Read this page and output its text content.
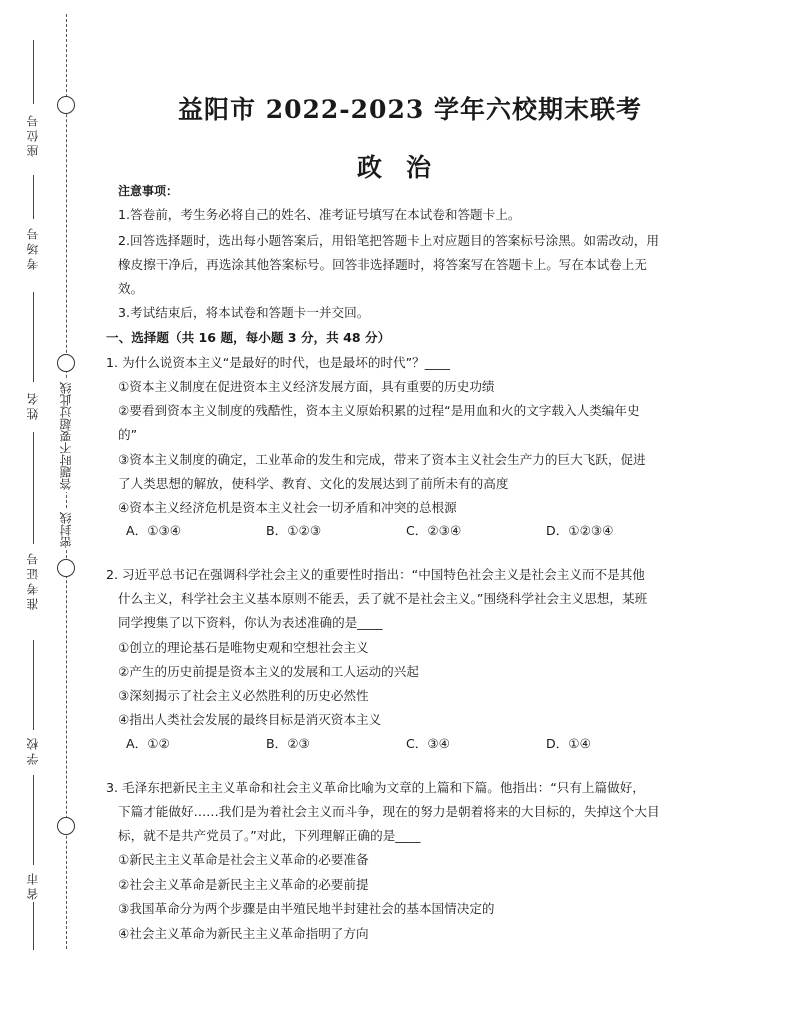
座位号
考场号
姓名
准考证号
学校
省市
密封线
答题时不要超过此线
益阳市 2022-2023 学年六校期末联考
政治
注意事项：
1.答卷前，考生务必将自己的姓名、准考证号填写在本试卷和答题卡上。
2.回答选择题时，选出每小题答案后，用铅笔把答题卡上对应题目的答案标号涂黑。如需改动，用
橡皮擦干净后，再选涂其他答案标号。回答非选择题时，将答案写在答题卡上。写在本试卷上无
效。
3.考试结束后，将本试卷和答题卡一并交回。
一、选择题（共 16 题，每小题 3 分，共 48 分）
1. 为什么说资本主义“是最好的时代，也是最坏的时代”？____
①资本主义制度在促进资本主义经济发展方面，具有重要的历史功绩
②要看到资本主义制度的残酷性，资本主义原始积累的过程“是用血和火的文字载入人类编年史
的”
③资本主义制度的确定，工业革命的发生和完成，带来了资本主义社会生产力的巨大飞跃，促进
了人类思想的解放，使科学、教育、文化的发展达到了前所未有的高度
④资本主义经济危机是资本主义社会一切矛盾和冲突的总根源
A．①③④	B．①②③	C．②③④	D．①②③④
2. 习近平总书记在强调科学社会主义的重要性时指出：“中国特色社会主义是社会主义而不是其他
什么主义，科学社会主义基本原则不能丢，丢了就不是社会主义。”围绕科学社会主义思想，某班
同学搜集了以下资料，你认为表述准确的是____
①创立的理论基石是唯物史观和空想社会主义
②产生的历史前提是资本主义的发展和工人运动的兴起
③深刻揭示了社会主义必然胜利的历史必然性
④指出人类社会发展的最终目标是消灭资本主义
A．①②	B．②③	C．③④	D．①④
3. 毛泽东把新民主主义革命和社会主义革命比喻为文章的上篇和下篇。他指出：“只有上篇做好，
下篇才能做好……我们是为着社会主义而斗争，现在的努力是朝着将来的大目标的，失掉这个大目
标，就不是共产党员了。”对此，下列理解正确的是____
①新民主主义革命是社会主义革命的必要准备
②社会主义革命是新民主主义革命的必要前提
③我国革命分为两个步骤是由半殖民地半封建社会的基本国情决定的
④社会主义革命为新民主主义革命指明了方向
